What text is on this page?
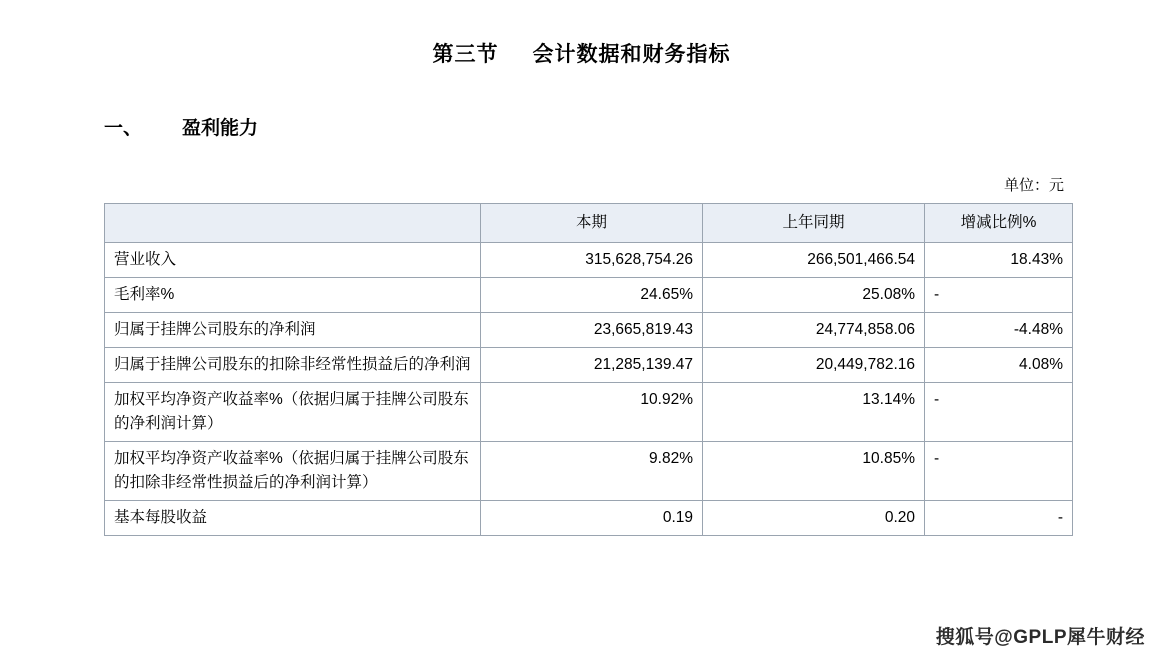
第三节 会计数据和财务指标
一、 盈利能力
单位：元
	本期	上年同期	增减比例%
营业收入	315,628,754.26	266,501,466.54	18.43%
毛利率%	24.65%	25.08%	-
归属于挂牌公司股东的净利润	23,665,819.43	24,774,858.06	-4.48%
归属于挂牌公司股东的扣除非经常性损益后的净利润	21,285,139.47	20,449,782.16	4.08%
加权平均净资产收益率%（依据归属于挂牌公司股东的净利润计算）	10.92%	13.14%	-
加权平均净资产收益率%（依据归属于挂牌公司股东的扣除非经常性损益后的净利润计算）	9.82%	10.85%	-
基本每股收益	0.19	0.20	-
搜狐号@GPLP犀牛财经
